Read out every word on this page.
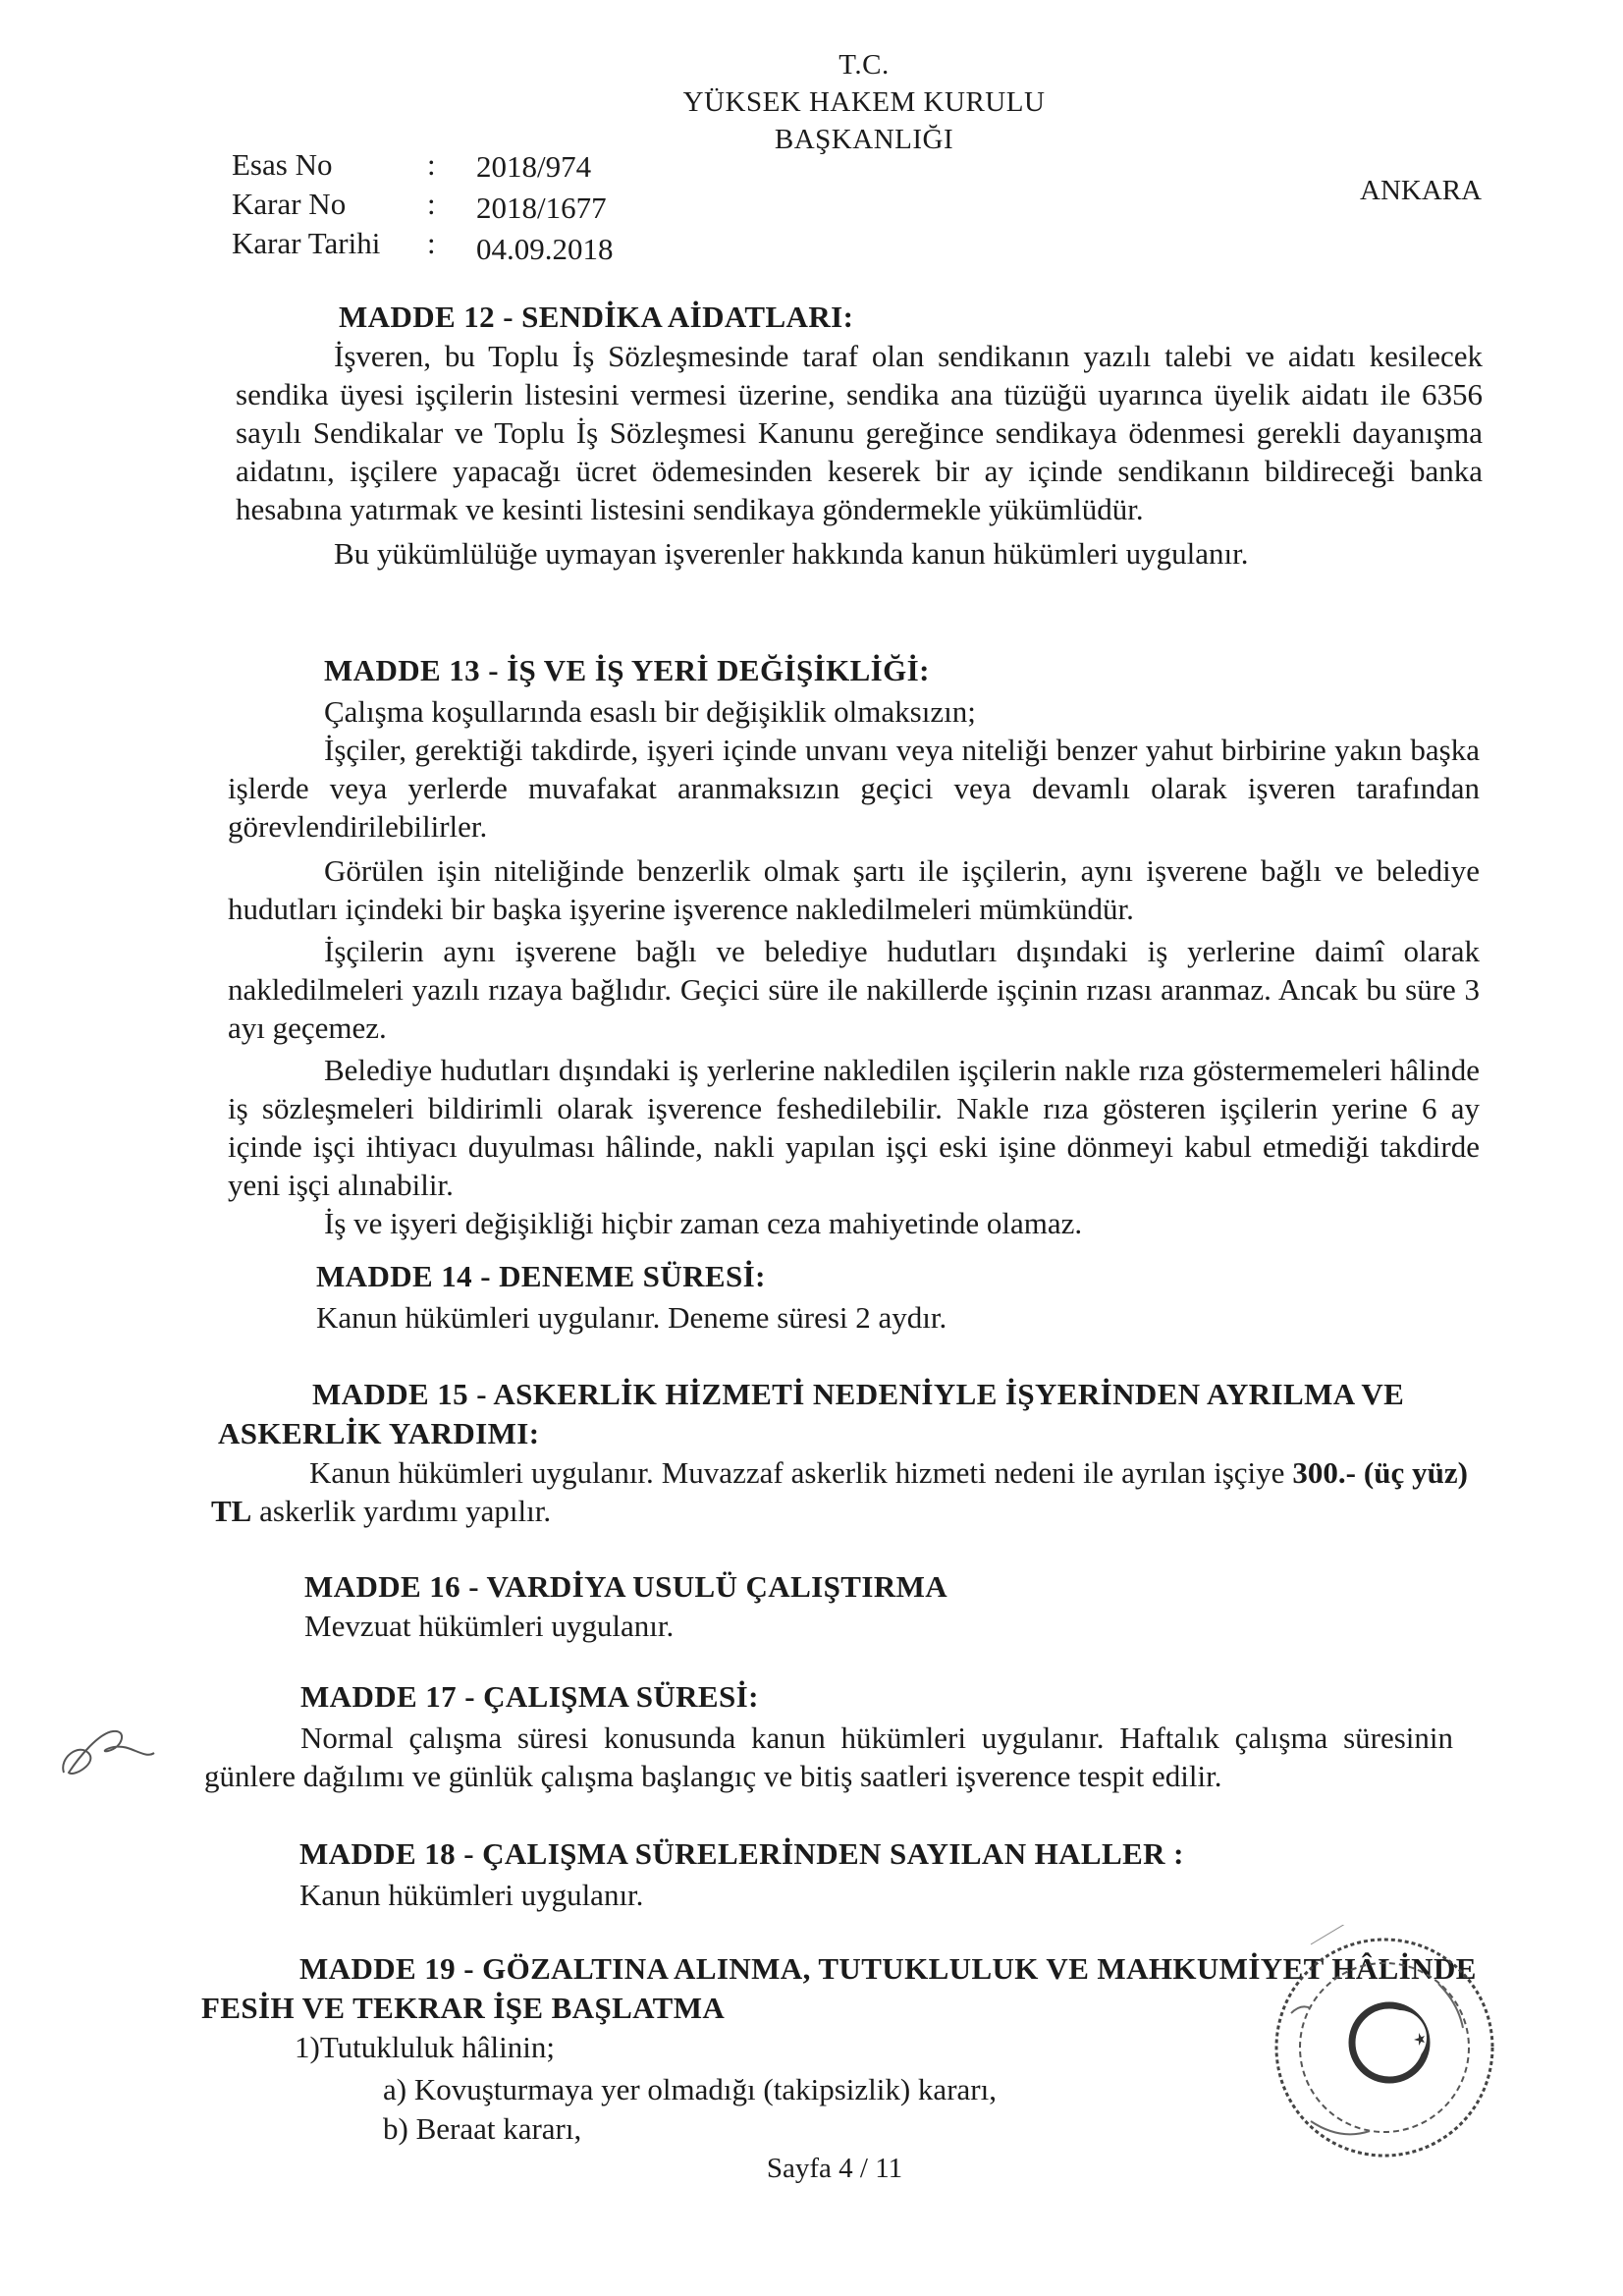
T.C.
YÜKSEK HAKEM KURULU
BAŞKANLIĞI
ANKARA
Esas No	: 2018/974
Karar No	: 2018/1677
Karar Tarihi	: 04.09.2018
MADDE 12 - SENDİKA AİDATLARI:

İşveren, bu Toplu İş Sözleşmesinde taraf olan sendikanın yazılı talebi ve aidatı kesilecek sendika üyesi işçilerin listesini vermesi üzerine, sendika ana tüzüğü uyarınca üyelik aidatı ile 6356 sayılı Sendikalar ve Toplu İş Sözleşmesi Kanunu gereğince sendikaya ödenmesi gerekli dayanışma aidatını, işçilere yapacağı ücret ödemesinden keserek bir ay içinde sendikanın bildireceği banka hesabına yatırmak ve kesinti listesini sendikaya göndermekle yükümlüdür.

Bu yükümlülüğe uymayan işverenler hakkında kanun hükümleri uygulanır.

MADDE 13 - İŞ VE İŞ YERİ DEĞİŞİKLİĞİ:

Çalışma koşullarında esaslı bir değişiklik olmaksızın;

İşçiler, gerektiği takdirde, işyeri içinde unvanı veya niteliği benzer yahut birbirine yakın başka işlerde veya yerlerde muvafakat aranmaksızın geçici veya devamlı olarak işveren tarafından görevlendirilebilirler.

Görülen işin niteliğinde benzerlik olmak şartı ile işçilerin, aynı işverene bağlı ve belediye hudutları içindeki bir başka işyerine işverence nakledilmeleri mümkündür.

İşçilerin aynı işverene bağlı ve belediye hudutları dışındaki iş yerlerine daimî olarak nakledilmeleri yazılı rızaya bağlıdır. Geçici süre ile nakillerde işçinin rızası aranmaz. Ancak bu süre 3 ayı geçemez.

Belediye hudutları dışındaki iş yerlerine nakledilen işçilerin nakle rıza göstermemeleri hâlinde iş sözleşmeleri bildirimli olarak işverence feshedilebilir. Nakle rıza gösteren işçilerin yerine 6 ay içinde işçi ihtiyacı duyulması hâlinde, nakli yapılan işçi eski işine dönmeyi kabul etmediği takdirde yeni işçi alınabilir.

İş ve işyeri değişikliği hiçbir zaman ceza mahiyetinde olamaz.

MADDE 14 - DENEME SÜRESİ:
Kanun hükümleri uygulanır. Deneme süresi 2 aydır.
MADDE 15 - ASKERLİK HİZMETİ NEDENİYLE İŞYERİNDEN AYRILMA VE ASKERLİK YARDIMI:
Kanun hükümleri uygulanır. Muvazzaf askerlik hizmeti nedeni ile ayrılan işçiye 300.- (üç yüz) TL askerlik yardımı yapılır.
MADDE 16 - VARDİYA USULÜ ÇALIŞTIRMA
Mevzuat hükümleri uygulanır.
MADDE 17 - ÇALIŞMA SÜRESİ:
Normal çalışma süresi konusunda kanun hükümleri uygulanır. Haftalık çalışma süresinin günlere dağılımı ve günlük çalışma başlangıç ve bitiş saatleri işverence tespit edilir.
MADDE 18 - ÇALIŞMA SÜRELERİNDEN SAYILAN HALLER :
Kanun hükümleri uygulanır.
MADDE 19 - GÖZALTINA ALINMA, TUTUKLULUK VE MAHKUMİYET HÂLİNDE FESİH VE TEKRAR İŞE BAŞLATMA
1)Tutukluluk hâlinin;
a) Kovuşturmaya yer olmadığı (takipsizlik) kararı,
b) Beraat kararı,
Sayfa 4 / 11
